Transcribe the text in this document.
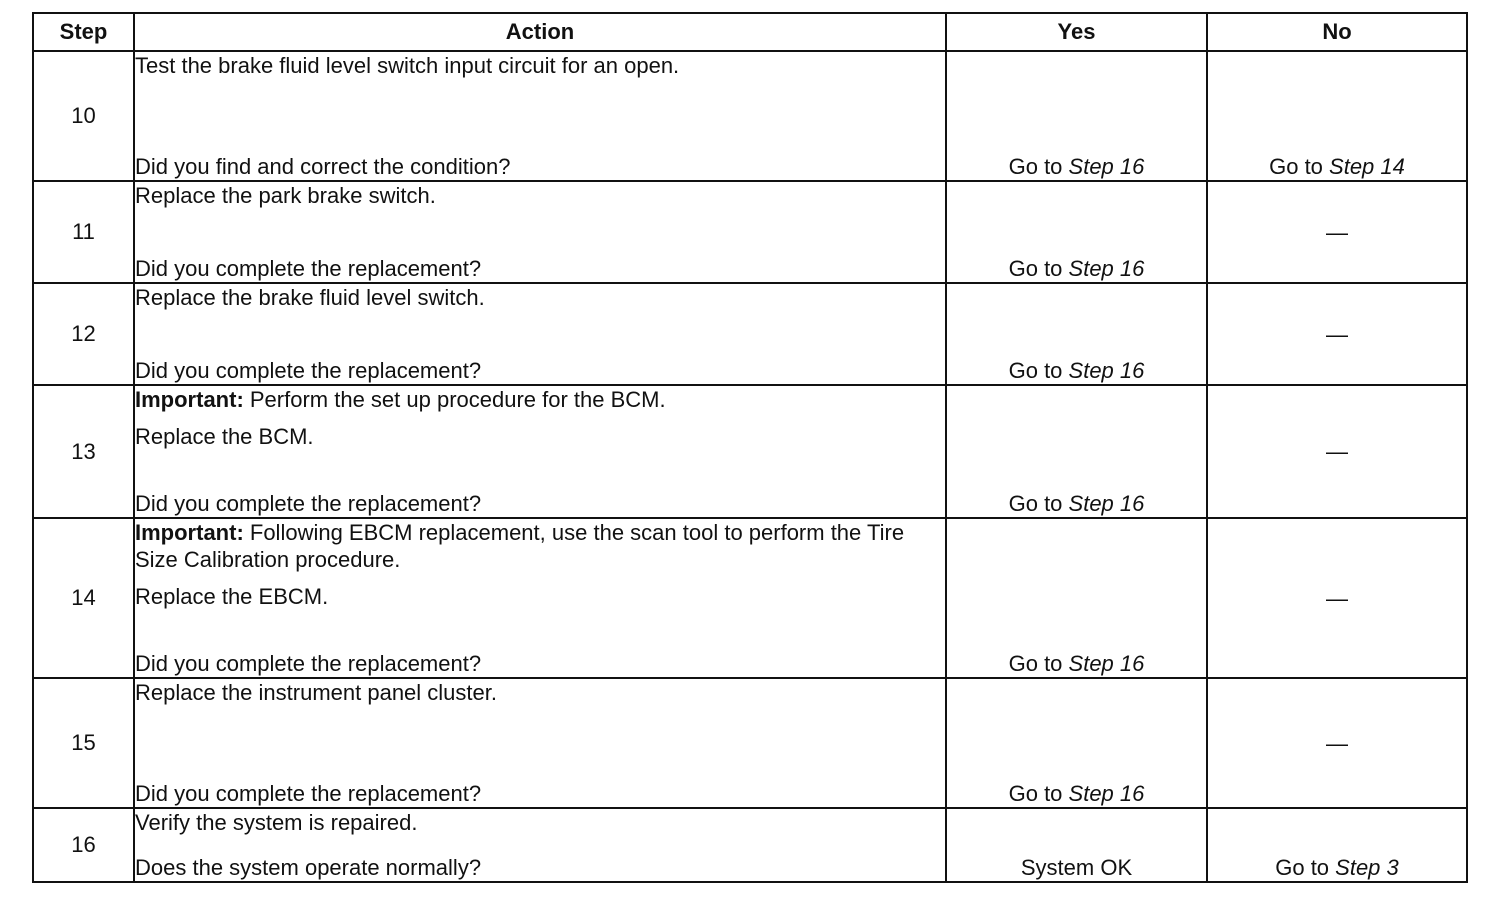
Step	Action	Yes	No
10	Test the brake fluid level switch input circuit for an open.

Did you find and correct the condition?	Go to Step 16	Go to Step 14
11	Replace the park brake switch.

Did you complete the replacement?	Go to Step 16	—
12	Replace the brake fluid level switch.

Did you complete the replacement?	Go to Step 16	—
13	Important: Perform the set up procedure for the BCM.

Replace the BCM.

Did you complete the replacement?	Go to Step 16	—
14	Important: Following EBCM replacement, use the scan tool to perform the Tire Size Calibration procedure.

Replace the EBCM.

Did you complete the replacement?	Go to Step 16	—
15	Replace the instrument panel cluster.

Did you complete the replacement?	Go to Step 16	—
16	Verify the system is repaired.

Does the system operate normally?	System OK	Go to Step 3
